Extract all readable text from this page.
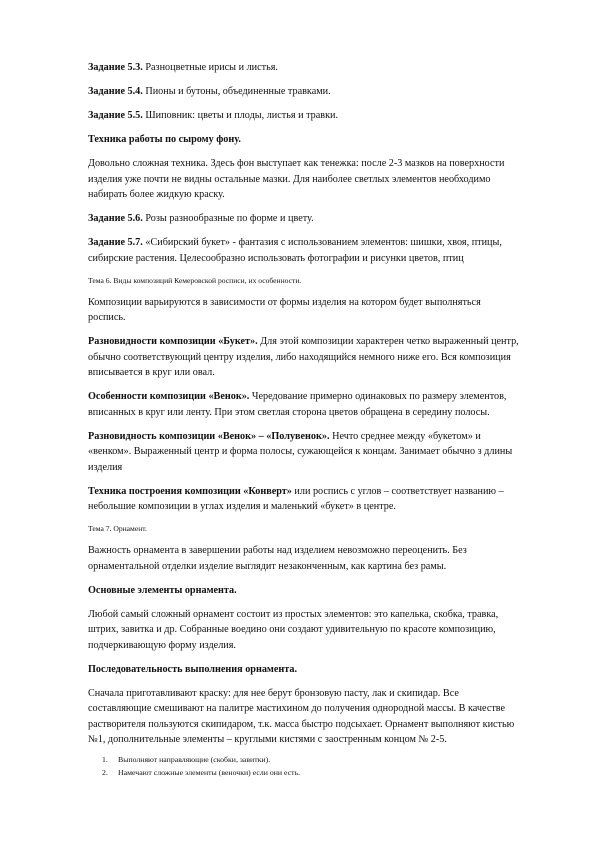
Задание 5.3. Разноцветные ирисы и листья.

Задание 5.4. Пионы и бутоны, объединенные травками.

Задание 5.5. Шиповник: цветы и плоды, листья и травки.

Техника работы по сырому фону.

Довольно сложная техника. Здесь фон выступает как тенежка: после 2-3 мазков на поверхности изделия уже почти не видны остальные мазки. Для наиболее светлых элементов необходимо набирать более жидкую краску.

Задание 5.6. Розы разнообразные по форме и цвету.

Задание 5.7. «Сибирский букет» - фантазия с использованием элементов: шишки, хвоя, птицы, сибирские растения. Целесообразно использовать фотографии и рисунки цветов, птиц

Тема 6. Виды композиций Кемеровской росписи, их особенности.

Композиции варьируются в зависимости от формы изделия на котором будет выполняться роспись.

Разновидности композиции «Букет». Для этой композиции характерен четко выраженный центр, обычно соответствующий центру изделия, либо находящийся немного ниже его. Вся композиция вписывается в круг или овал.

Особенности композиции «Венок». Чередование примерно одинаковых по размеру элементов, вписанных в круг или ленту. При этом светлая сторона цветов обращена в середину полосы.

Разновидность композиции «Венок» – «Полувенок». Нечто среднее между «букетом» и «венком». Выраженный центр и форма полосы, сужающейся к концам. Занимает обычно з длины изделия

Техника построения композиции «Конверт» или роспись с углов – соответствует названию – небольшие композиции в углах изделия и маленький «букет» в центре.

Тема 7. Орнамент.

Важность орнамента в завершении работы над изделием невозможно переоценить. Без орнаментальной отделки изделие выглядит незаконченным, как картина без рамы.

Основные элементы орнамента.

Любой самый сложный орнамент состоит из простых элементов: это капелька, скобка, травка, штрих, завитка и др. Собранные воедино они создают удивительную по красоте композицию, подчеркивающую форму изделия.

Последовательность выполнения орнамента.

Сначала приготавливают краску: для нее берут бронзовую пасту, лак и скипидар. Все составляющие смешивают на палитре мастихином до получения однородной массы. В качестве растворителя пользуются скипидаром, т.к. масса быстро подсыхает. Орнамент выполняют кистью №1, дополнительные элементы – круглыми кистями с заостренным концом № 2-5.

1.	Выполняют направляющие (скобки, завитки).
2.	Намечают сложные элементы (веночки) если они есть.
